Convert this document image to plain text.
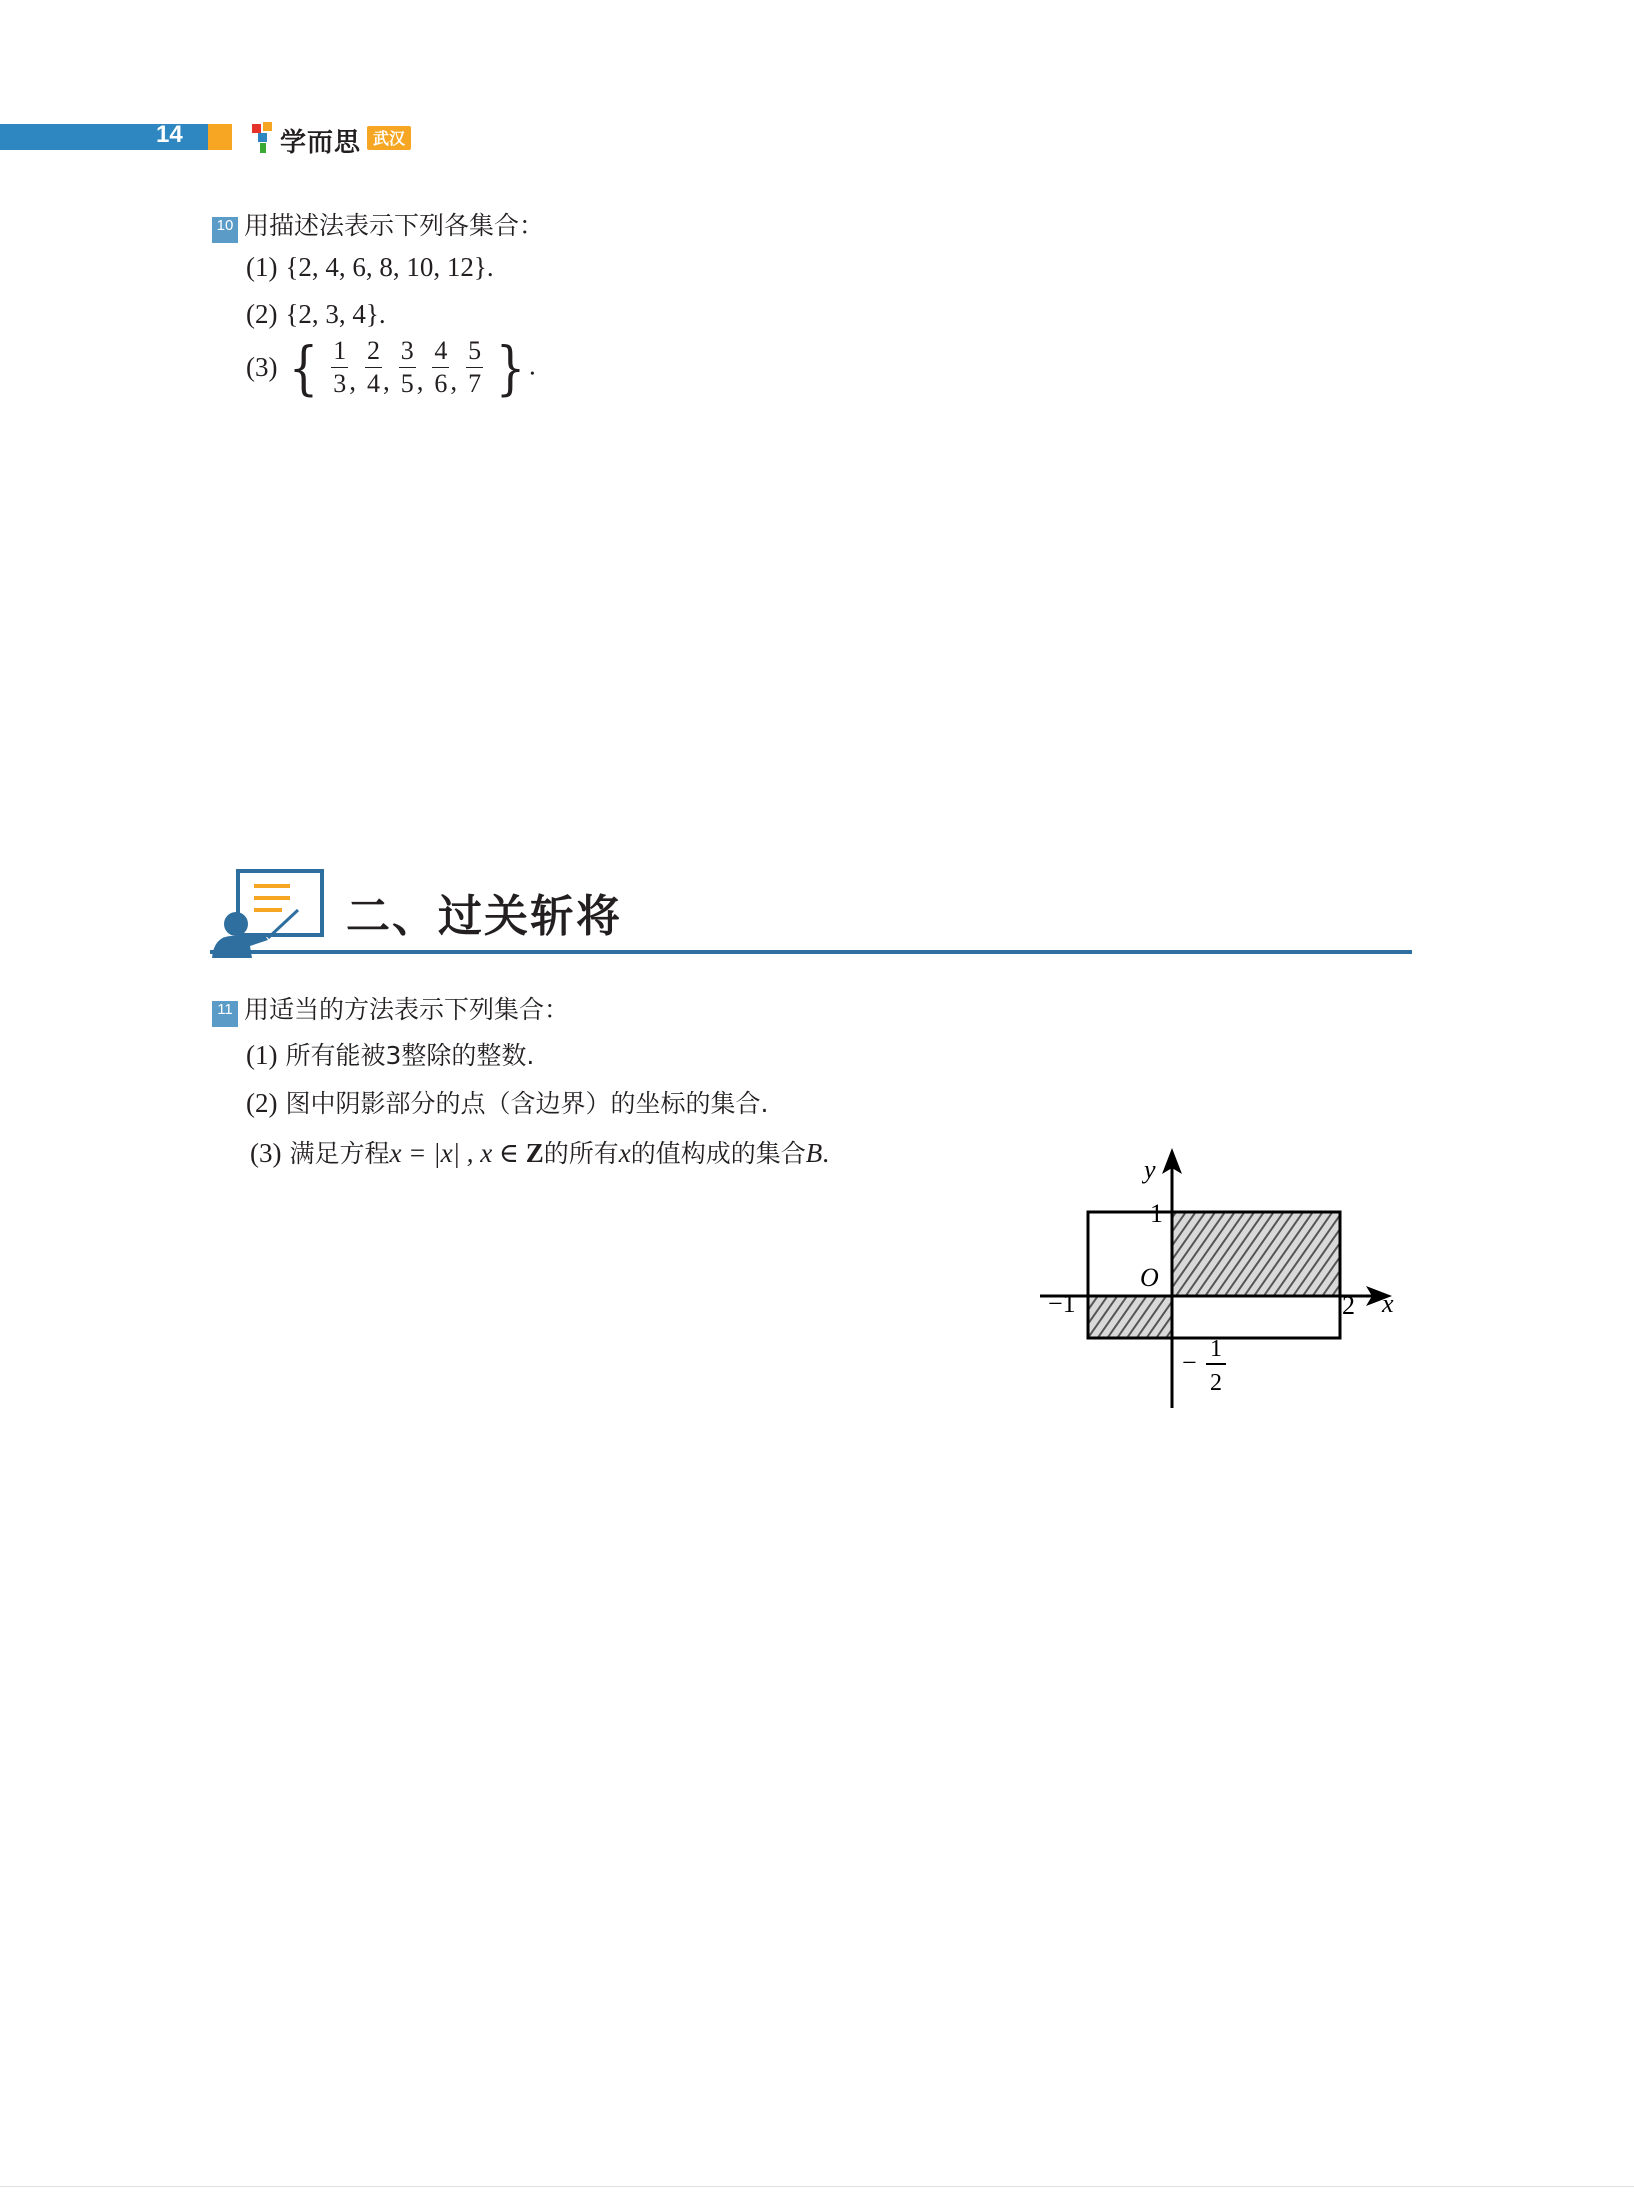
14	学而思 武汉
10 用描述法表示下列各集合：
(1) {2, 4, 6, 8, 10, 12}.
(2) {2, 3, 4}.
(3) { $\frac{1}{3}$ , $\frac{2}{4}$ , $\frac{3}{5}$ , $\frac{4}{6}$ , $\frac{5}{7}$ } .
二、过关斩将
11 用适当的方法表示下列集合：
(1) 所有能被3整除的整数.
(2) 图中阴影部分的点（含边界）的坐标的集合.
(3) 满足方程x = |x| , x ∈ Z的所有x的值构成的集合B.
y
x
1
O
−1	2
− 1
2
